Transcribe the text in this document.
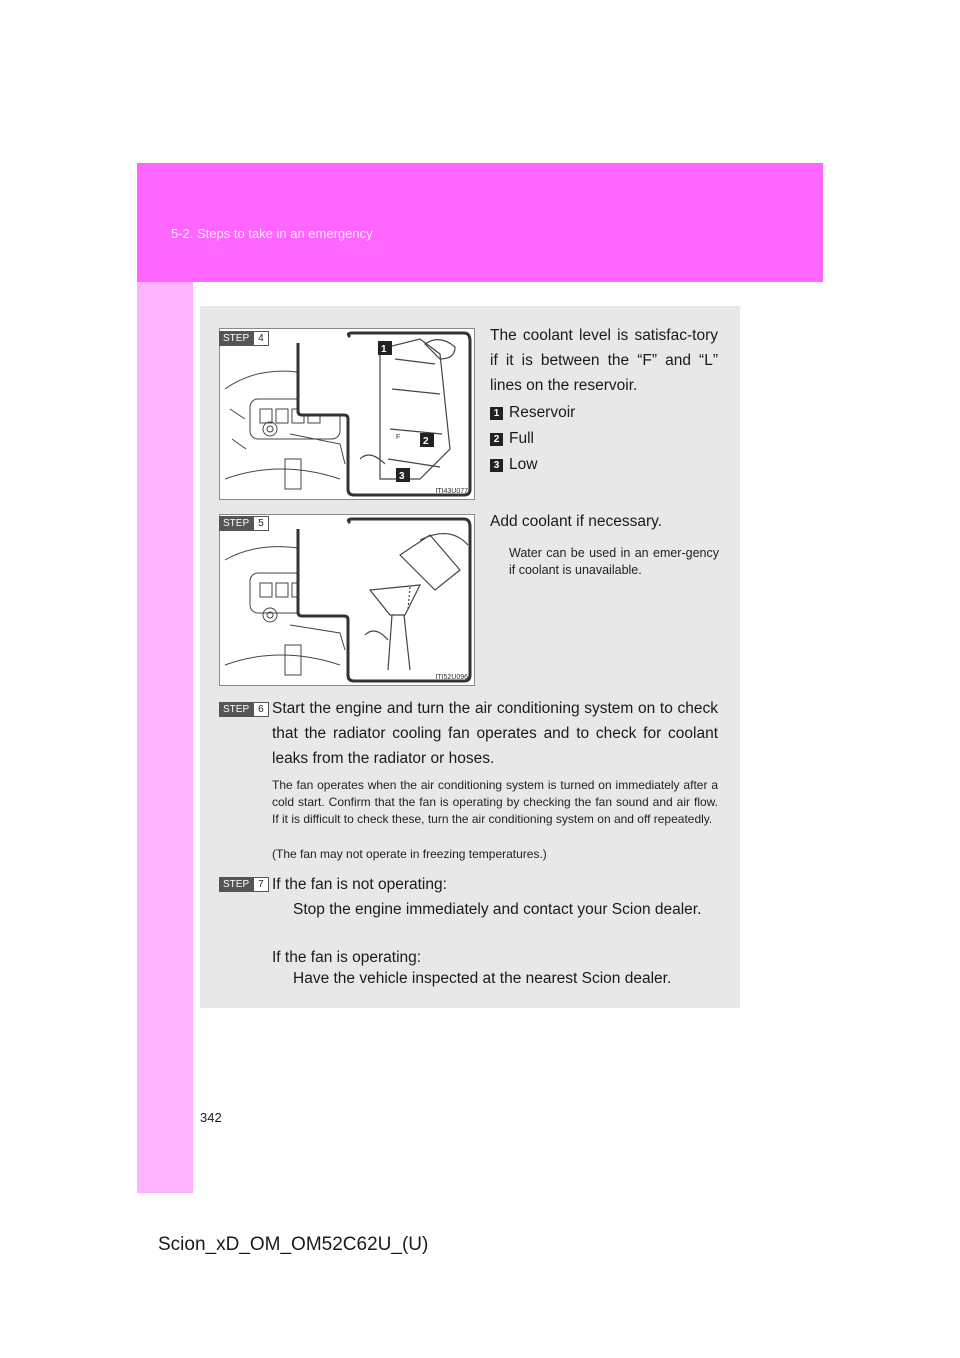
5-2. Steps to take in an emergency
1
2
3
F
ITI43U077
STEP 4	The coolant level is satisfac-tory if it is between the “F” and “L” lines on the reservoir.
1 Reservoir
2 Full
3 Low
ITI52U096
STEP 5	Add coolant if necessary.
Water can be used in an emer-gency if coolant is unavailable.
STEP 6 Start the engine and turn the air conditioning system on to check that the radiator cooling fan operates and to check for coolant leaks from the radiator or hoses.
The fan operates when the air conditioning system is turned on immediately after a cold start. Confirm that the fan is operating by checking the fan sound and air flow. If it is difficult to check these, turn the air conditioning system on and off repeatedly.
(The fan may not operate in freezing temperatures.)
STEP 7 If the fan is not operating:
Stop the engine immediately and contact your Scion dealer.
If the fan is operating:
Have the vehicle inspected at the nearest Scion dealer.
342
Scion_xD_OM_OM52C62U_(U)
